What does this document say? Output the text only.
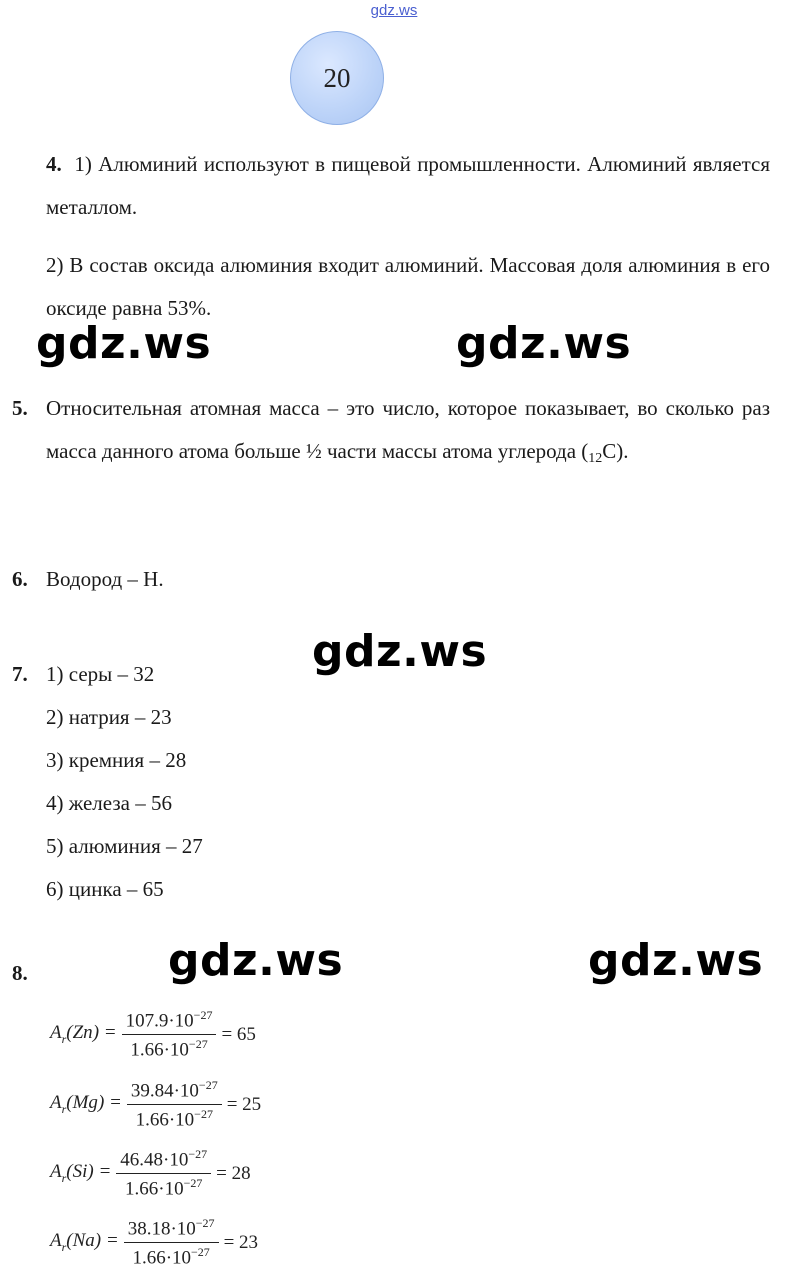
gdz.ws
20
4. 1) Алюминий используют в пищевой промышленности. Алюминий является металлом.
2) В состав оксида алюминия входит алюминий. Массовая доля алюминия в его оксиде равна 53%.
gdz.ws	gdz.ws
5. Относительная атомная масса – это число, которое показывает, во сколько раз масса данного атома больше ½ части массы атома углерода (12C).
6. Водород – H.
gdz.ws
7. 1) серы – 32
2) натрия – 23
3) кремния – 28
4) железа – 56
5) алюминия – 27
6) цинка – 65
gdz.ws	gdz.ws
8.
$A_r(Zn) = \frac{107.9\cdot 10^{-27}}{1.66\cdot 10^{-27}} = 65$
$A_r(Mg) = \frac{39.84\cdot 10^{-27}}{1.66\cdot 10^{-27}} = 25$
$A_r(Si) = \frac{46.48\cdot 10^{-27}}{1.66\cdot 10^{-27}} = 28$
$A_r(Na) = \frac{38.18\cdot 10^{-27}}{1.66\cdot 10^{-27}} = 23$
